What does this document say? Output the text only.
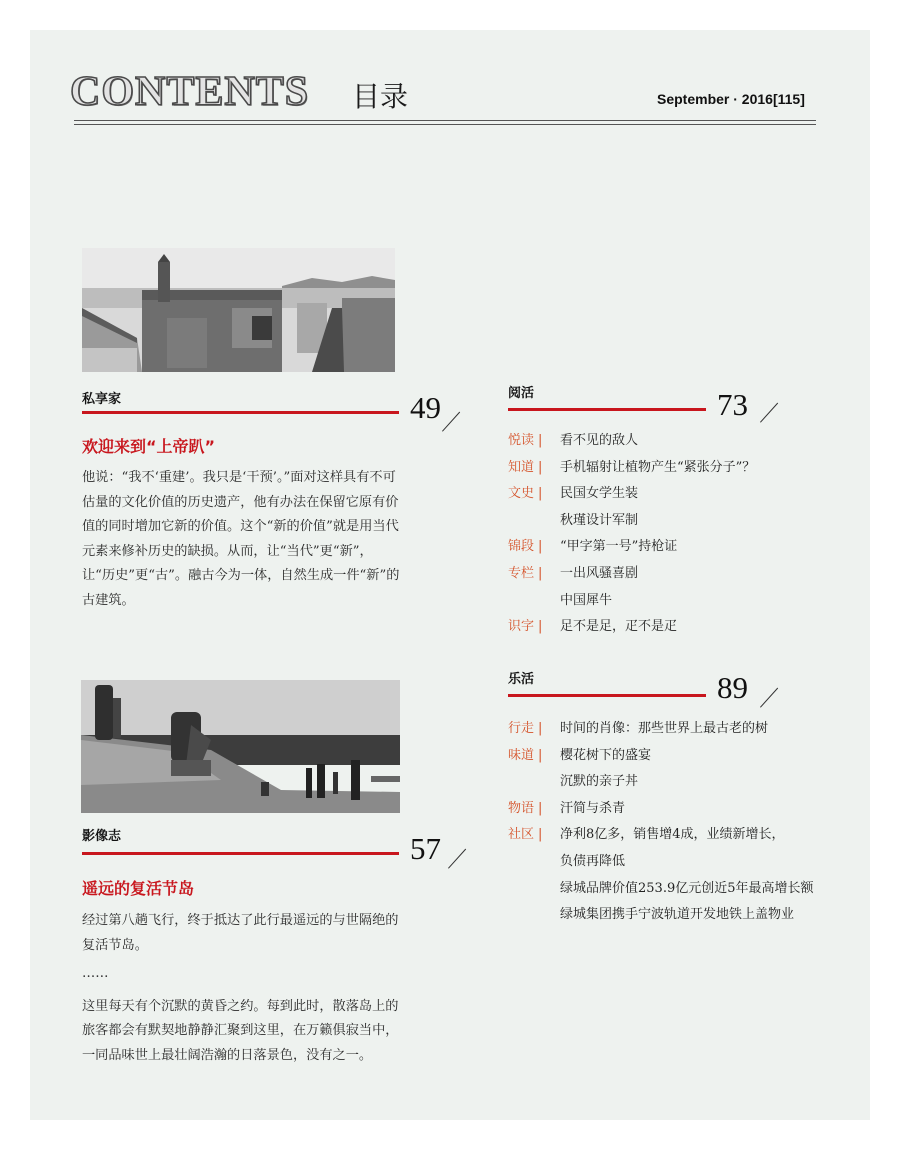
CONTENTS 目录	September · 2016[115]
私享家	49
欢迎来到“上帝趴”

他说：“我不‘重建’。我只是‘干预’。”面对这样具有不可估量的文化价值的历史遗产，他有办法在保留它原有价值的同时增加它新的价值。这个“新的价值”就是用当代元素来修补历史的缺损。从而，让“当代”更“新”，让“历史”更“古”。融古今为一体，自然生成一件“新”的古建筑。

影像志	57
遥远的复活节岛

经过第八趟飞行，终于抵达了此行最遥远的与世隔绝的复活节岛。

……

这里每天有个沉默的黄昏之约。每到此时，散落岛上的旅客都会有默契地静静汇聚到这里，在万籁俱寂当中，一同品味世上最壮阔浩瀚的日落景色，没有之一。

阅活	73
悦读 | 看不见的敌人
知道 | 手机辐射让植物产生“紧张分子”？
文史 | 民国女学生装
秋瑾设计军制
锦段 | “甲字第一号”持枪证
专栏 | 一出风骚喜剧
中国犀牛
识字 | 足不是足，疋不是疋
乐活	89
行走 | 时间的肖像：那些世界上最古老的树
味道 | 樱花树下的盛宴
沉默的亲子丼
物语 | 汗简与杀青
社区 | 净利8亿多，销售增4成，业绩新增长，
负债再降低
绿城品牌价值253.9亿元创近5年最高增长额
绿城集团携手宁波轨道开发地铁上盖物业
